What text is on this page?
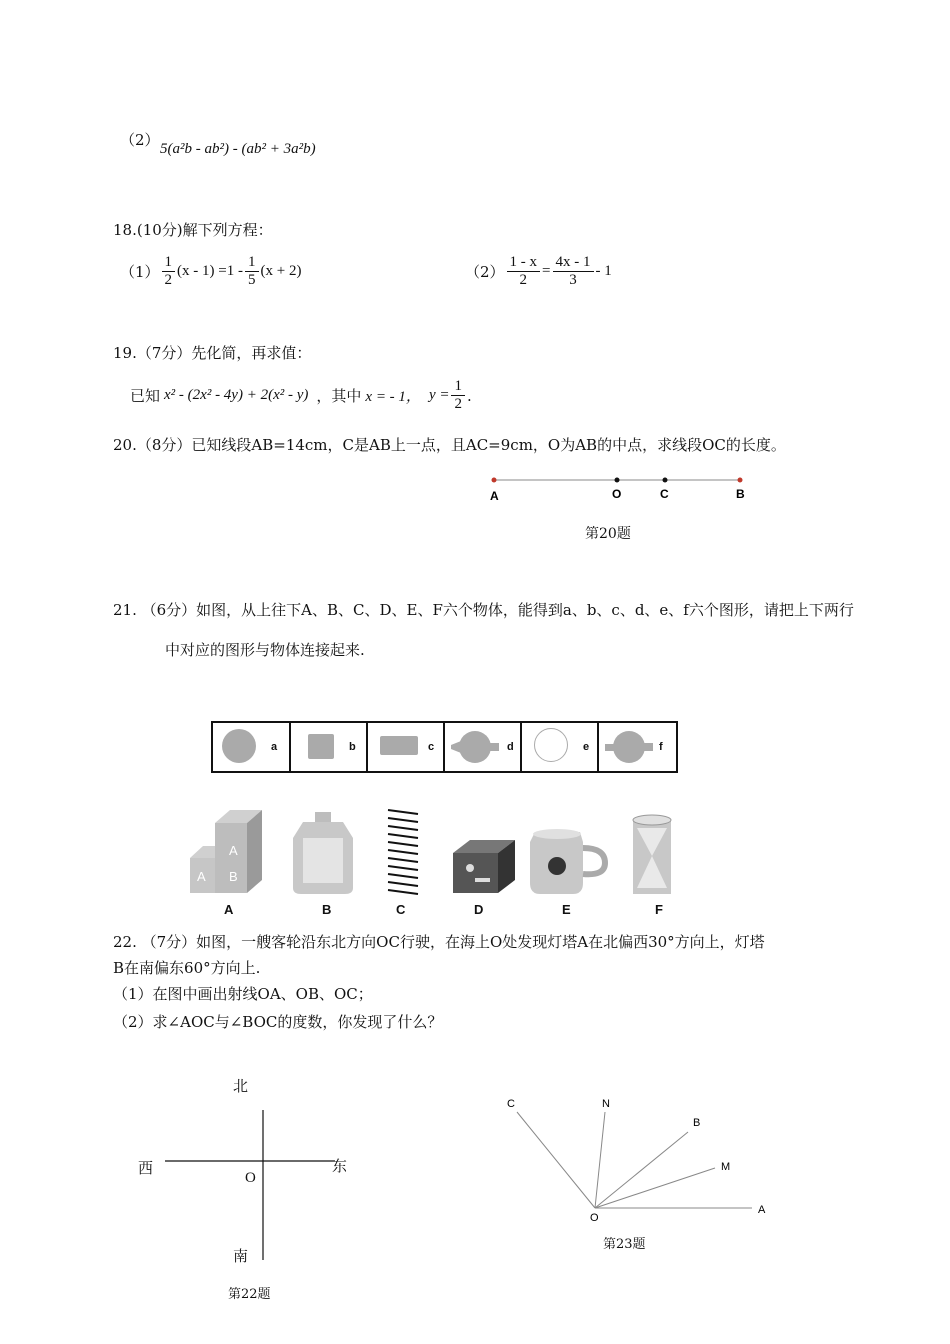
（2） 5(a²b - ab²) - (ab² + 3a²b)
18.(10分)解下列方程：
$(1) \frac{1}{2} (x - 1) =1 - \frac{1}{5} (x + 2)$	$(2) \frac{1 - x}{2} = \frac{4x - 1}{3} - 1$
19.（7分）先化简，再求值：
已知 x² - (2x² - 4y) + 2(x² - y) ，其中 x = - 1， $y = \frac{1}{2}$ .
20.（8分）已知线段AB=14cm，C是AB上一点，且AC=9cm，O为AB的中点，求线段OC的长度。
A	O	C	B
第20题
21. （6分）如图，从上往下A、B、C、D、E、F六个物体，能得到a、b、c、d、e、f六个图形，请把上下两行
中对应的图形与物体连接起来.
a	b	c	d	e	f
A
A B
A	B	C	D	E	F
22. （7分）如图，一艘客轮沿东北方向OC行驶，在海上O处发现灯塔A在北偏西30°方向上，灯塔
B在南偏东60°方向上.
（1）在图中画出射线OA、OB、OC；
（2）求∠AOC与∠BOC的度数，你发现了什么？
北
西	东
O
南
第22题
C	N
B
M
A
O
第23题
